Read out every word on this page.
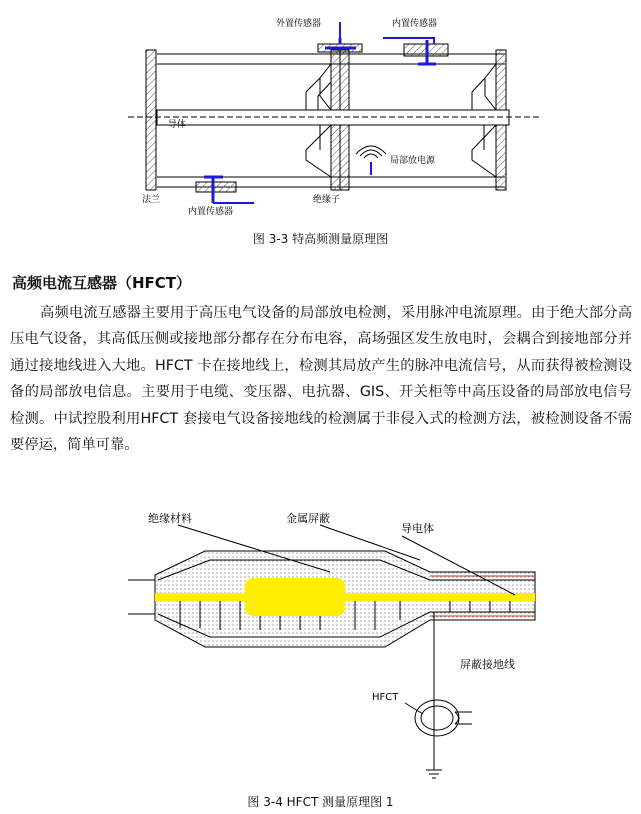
外置传感器	内置传感器
导体
局部放电源
法兰
内置传感器
绝缘子
图 3-3 特高频测量原理图
高频电流互感器（HFCT）

高频电流互感器主要用于高压电气设备的局部放电检测，采用脉冲电流原理。由于绝大部分高压电气设备，其高低压侧或接地部分都存在分布电容，高场强区发生放电时，会耦合到接地部分并通过接地线进入大地。HFCT 卡在接地线上，检测其局放产生的脉冲电流信号，从而获得被检测设备的局部放电信息。主要用于电缆、变压器、电抗器、GIS、开关柜等中高压设备的局部放电信号检测。中试控股利用HFCT 套接电气设备接地线的检测属于非侵入式的检测方法，被检测设备不需要停运，简单可靠。

绝缘材料	金属屏蔽
导电体
屏蔽接地线
HFCT
图 3-4 HFCT 测量原理图 1
